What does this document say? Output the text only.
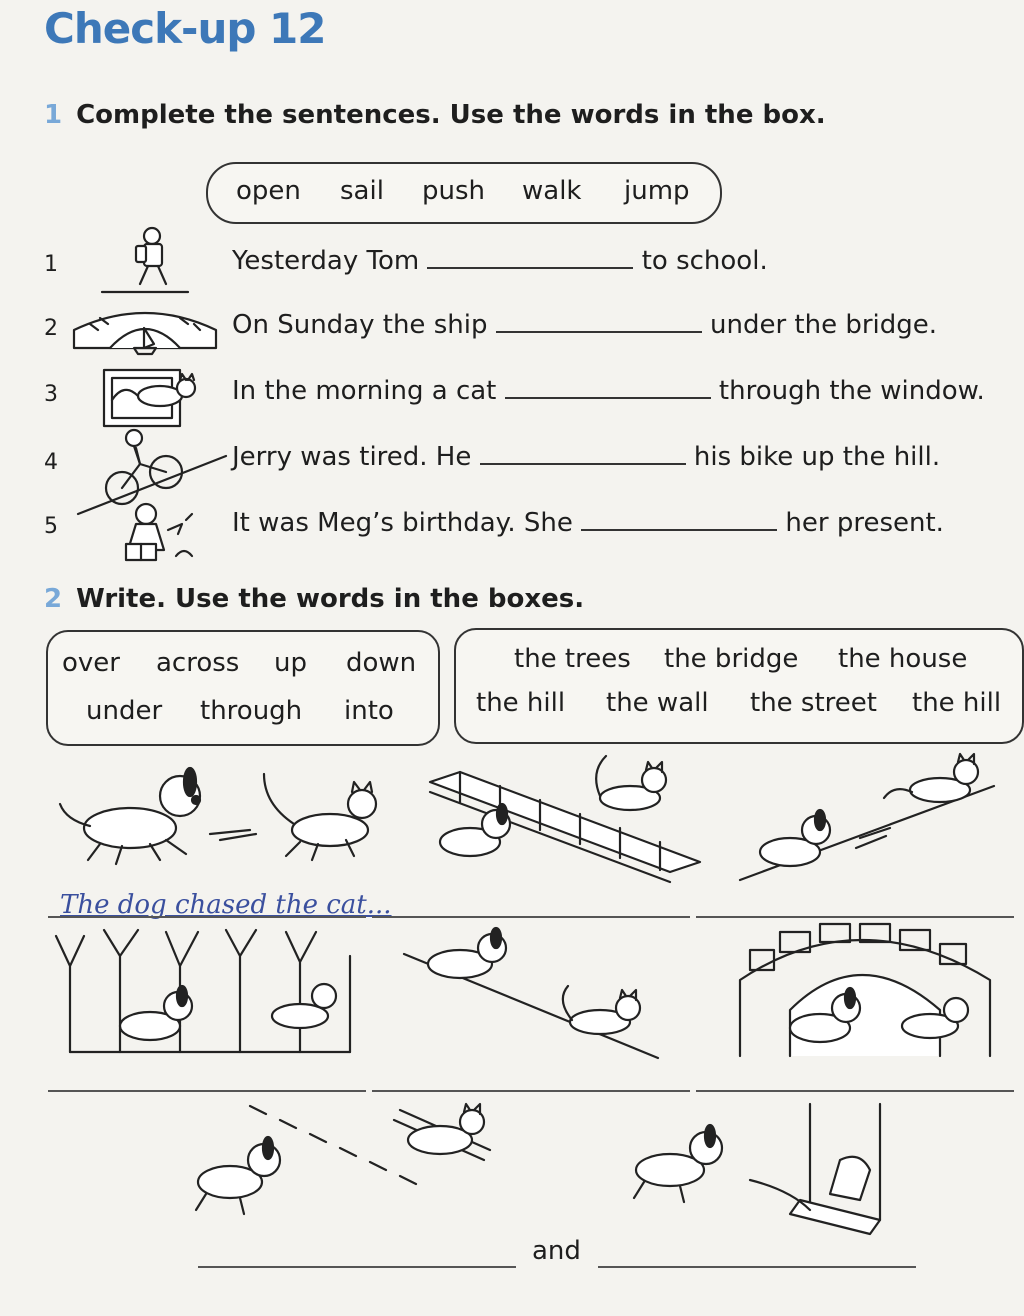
Check-up 12
1 Complete the sentences. Use the words in the box.
open sail push walk jump
1	Yesterday Tom	to school.
2	On Sunday the ship	under the bridge.
3	In the morning a cat	through the window.
4	Jerry was tired. He	his bike up the hill.
5	It was Meg’s birthday. She	her present.
2 Write. Use the words in the boxes.
over across up down
under through into
the trees the bridge the house
the hill the wall the street the hill
The dog chased the cat...
and
